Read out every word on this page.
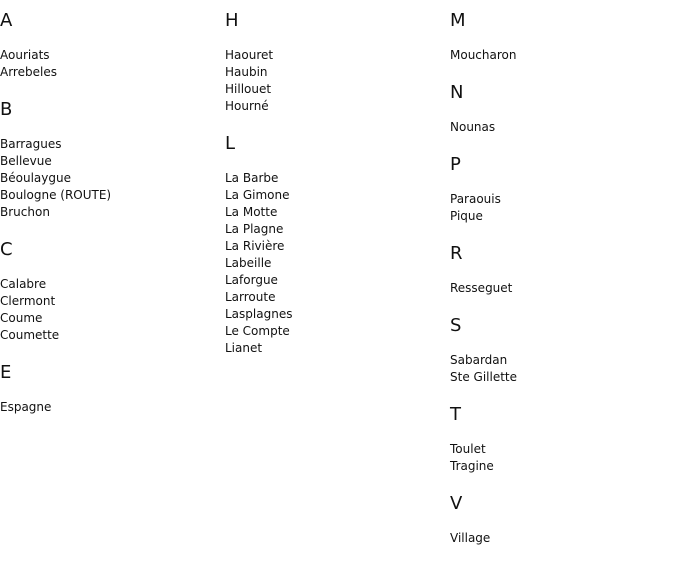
A
Aouriats
Arrebeles
B
Barragues
Bellevue
Béoulaygue
Boulogne (ROUTE)
Bruchon
C
Calabre
Clermont
Coume
Coumette
E
Espagne
H
Haouret
Haubin
Hillouet
Hourné
L
La Barbe
La Gimone
La Motte
La Plagne
La Rivière
Labeille
Laforgue
Larroute
Lasplagnes
Le Compte
Lianet
M
Moucharon
N
Nounas
P
Paraouis
Pique
R
Resseguet
S
Sabardan
Ste Gillette
T
Toulet
Tragine
V
Village
